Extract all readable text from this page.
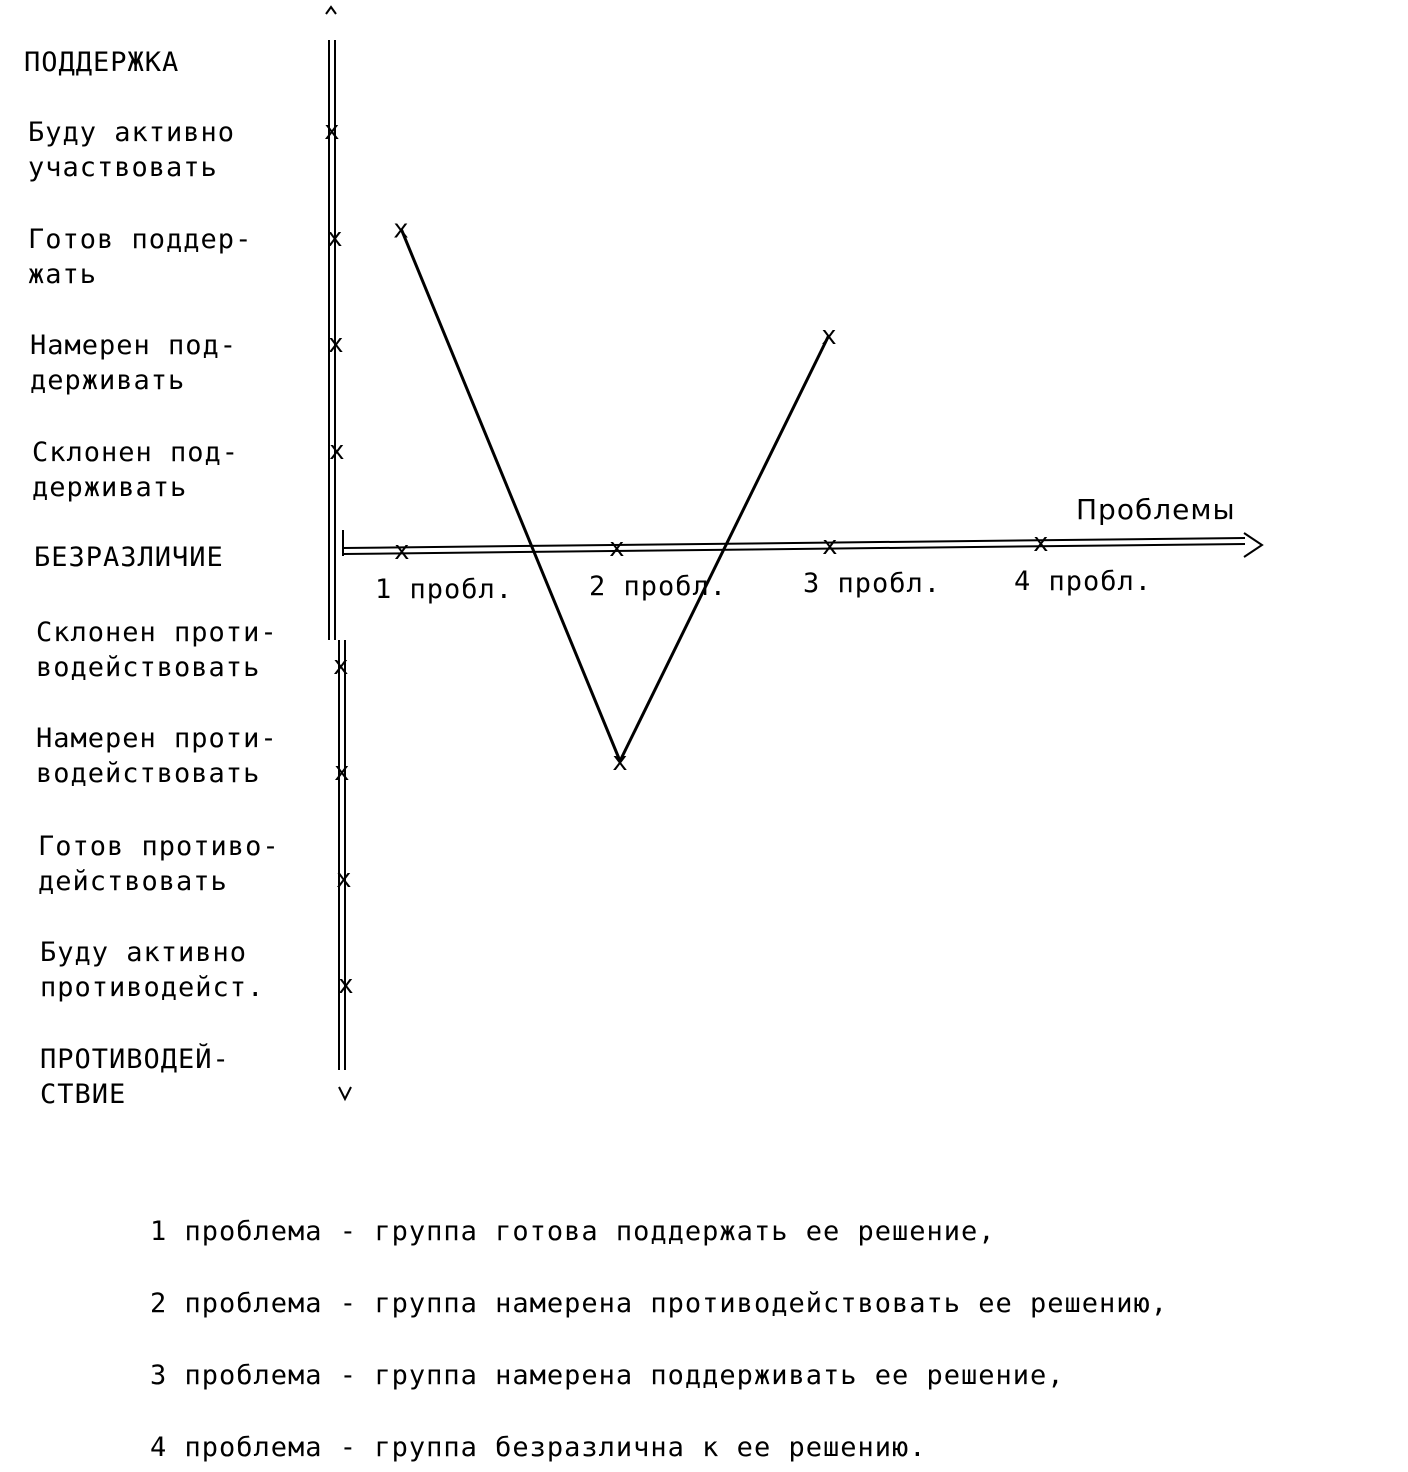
x
x
x
ПОДДЕРЖКА
Буду активно
участвовать
Готов поддер-
жать
Намерен под-
держивать
Склонен под-
держивать
БЕЗРАЗЛИЧИЕ
Склонен проти-
водействовать
Намерен проти-
водействовать
Готов противо-
действовать
Буду активно
противодейст.
ПРОТИВОДЕЙ-
СТВИЕ
x
x
x
x
x
x
x
x
1 пробл.	2 пробл.	3 пробл.	4 пробл.
x	x	x	x
Проблемы
1 проблема - группа готова поддержать ее решение,
2 проблема - группа намерена противодействовать ее решению,
3 проблема - группа намерена поддерживать ее решение,
4 проблема - группа безразлична к ее решению.
